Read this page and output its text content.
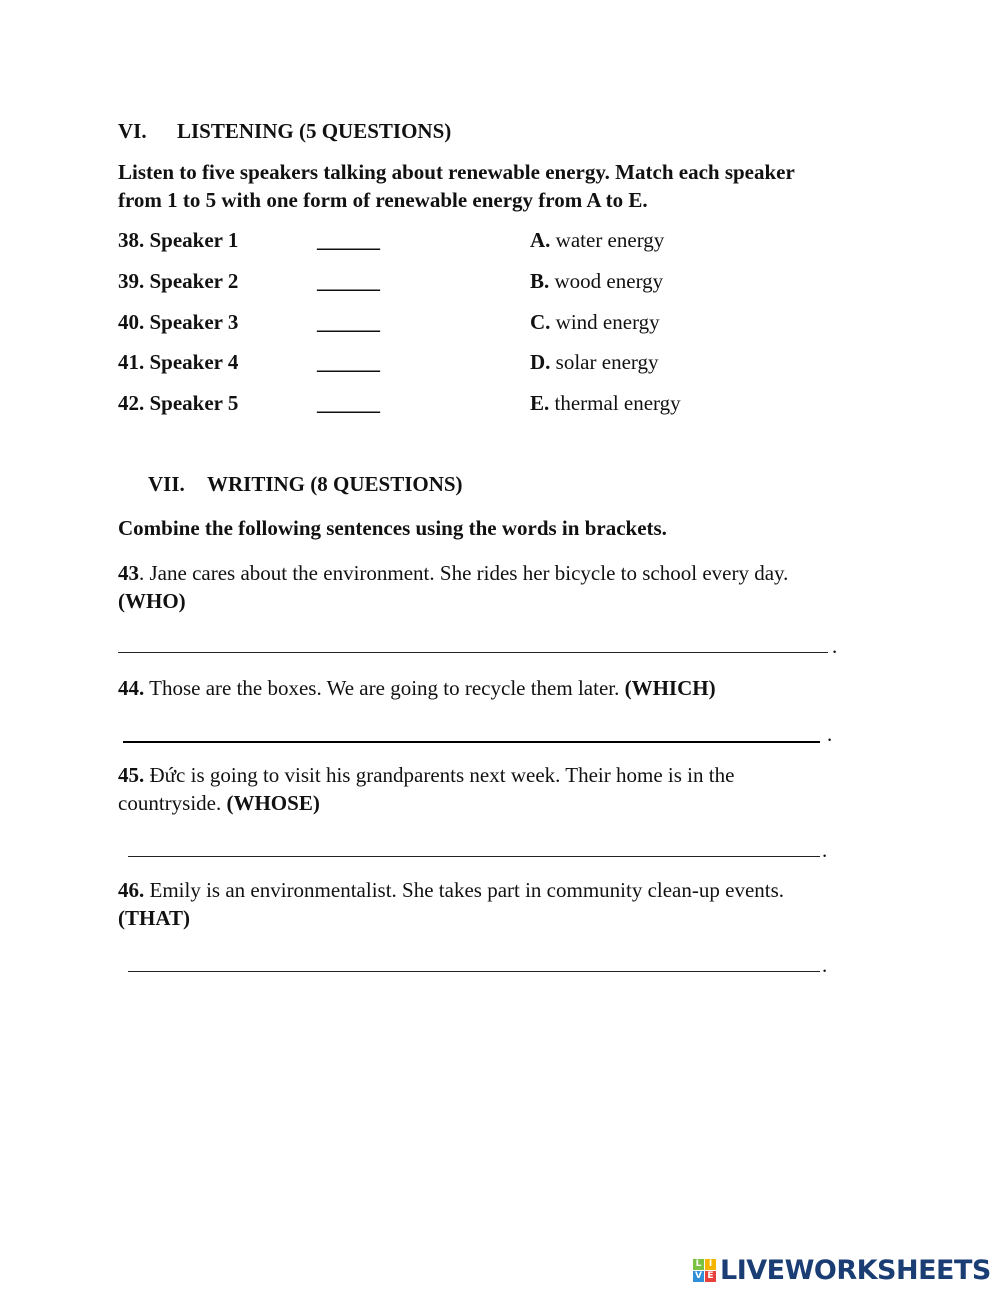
VI. LISTENING (5 QUESTIONS)
Listen to five speakers talking about renewable energy. Match each speaker
from 1 to 5 with one form of renewable energy from A to E.
38. Speaker 1	______	A. water energy
39. Speaker 2	______	B. wood energy
40. Speaker 3	______	C. wind energy
41. Speaker 4	______	D. solar energy
42. Speaker 5	______	E. thermal energy
VII. WRITING (8 QUESTIONS)
Combine the following sentences using the words in brackets.
43. Jane cares about the environment. She rides her bicycle to school every day.
(WHO)
.
44. Those are the boxes. We are going to recycle them later. (WHICH)
.
45. Đức is going to visit his grandparents next week. Their home is in the
countryside. (WHOSE)
.
46. Emily is an environmentalist. She takes part in community clean-up events.
(THAT)
.
L I
V E LIVEWORKSHEETS
